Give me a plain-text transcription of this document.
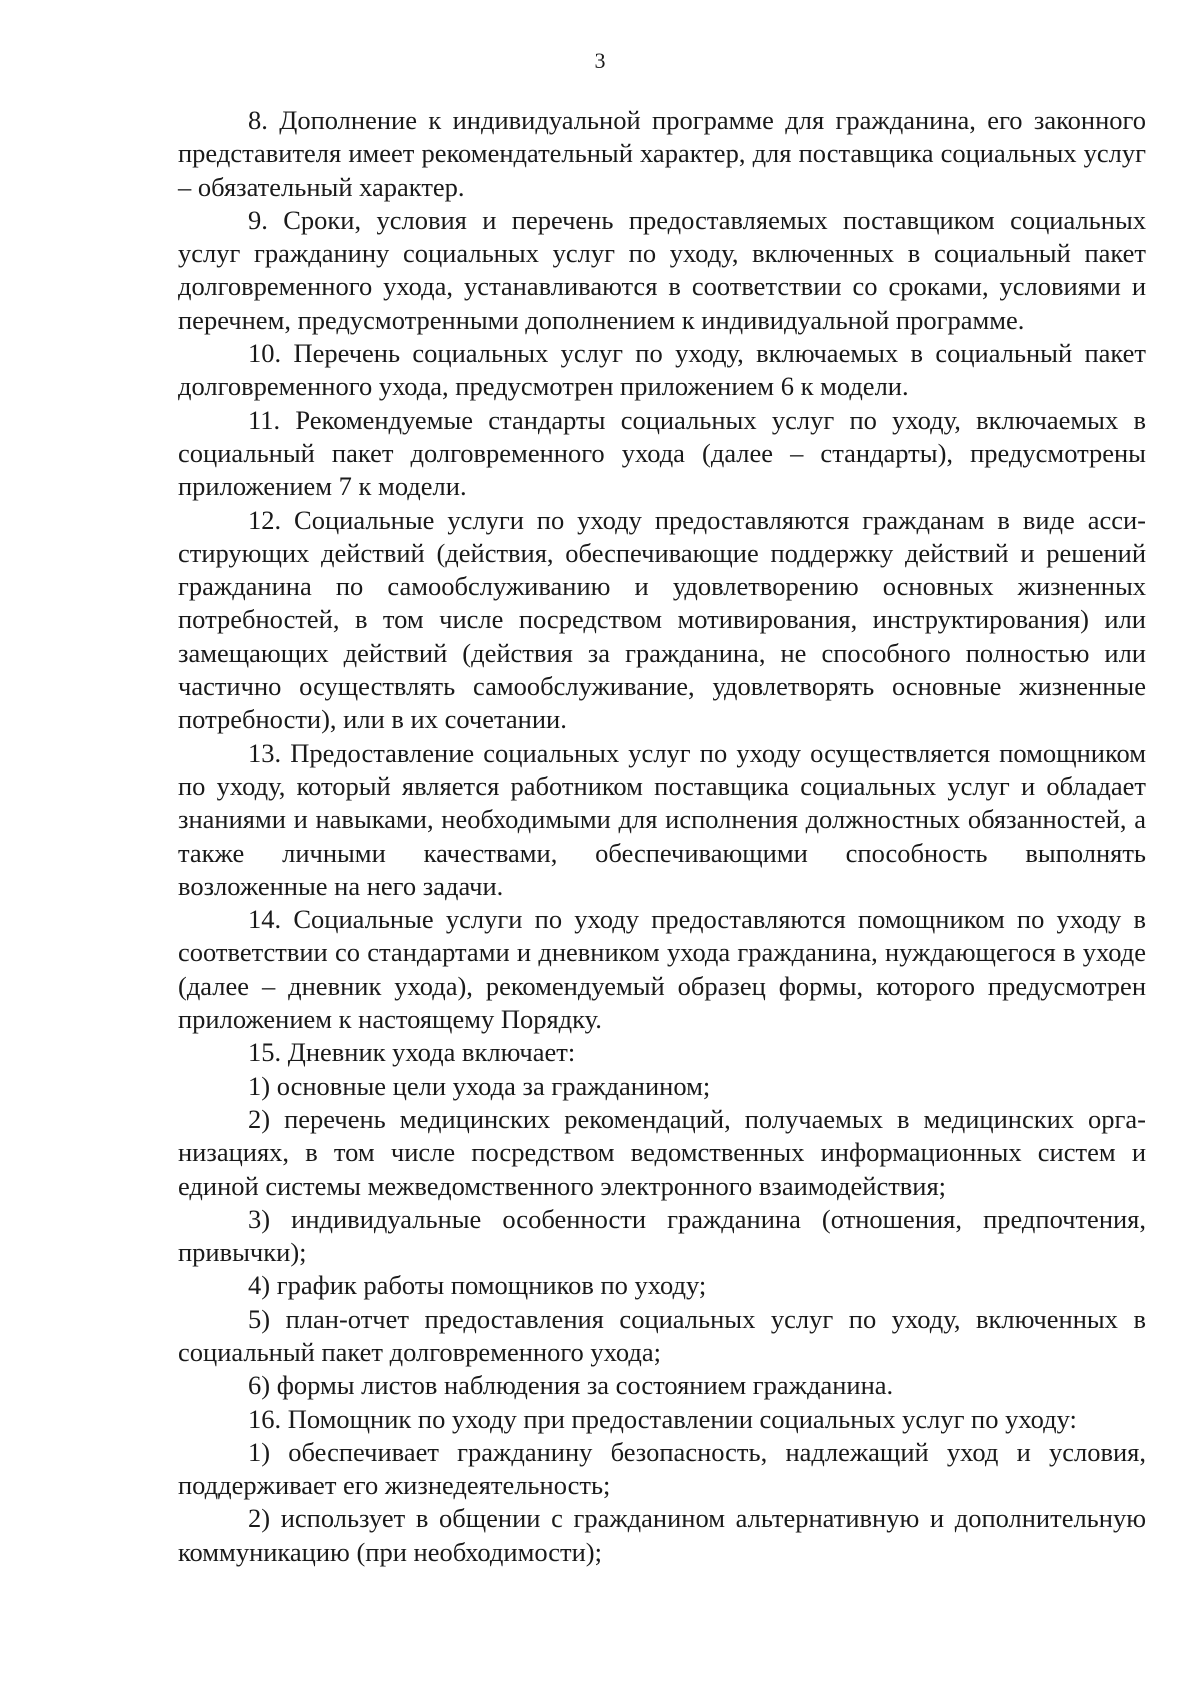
3

8. Дополнение к индивидуальной программе для гражданина, его законного представителя имеет рекомендательный характер, для поставщика социальных услуг – обязательный характер.

9. Сроки, условия и перечень предоставляемых поставщиком социальных услуг гражданину социальных услуг по уходу, включенных в социальный пакет долговременного ухода, устанавливаются в соответствии со сроками, условиями и перечнем, предусмотренными дополнением к индивидуальной программе.

10. Перечень социальных услуг по уходу, включаемых в социальный пакет долговременного ухода, предусмотрен приложением 6 к модели.

11. Рекомендуемые стандарты социальных услуг по уходу, включаемых в социальный пакет долговременного ухода (далее – стандарты), предусмотрены приложением 7 к модели.

12. Социальные услуги по уходу предоставляются гражданам в виде ассистирующих действий (действия, обеспечивающие поддержку действий и решений гражданина по самообслуживанию и удовлетворению основных жизненных потребностей, в том числе посредством мотивирования, инструктирования) или замещающих действий (действия за гражданина, не способного полностью или частично осуществлять самообслуживание, удовлетворять основные жизненные потребности), или в их сочетании.

13. Предоставление социальных услуг по уходу осуществляется помощником по уходу, который является работником поставщика социальных услуг и обладает знаниями и навыками, необходимыми для исполнения должностных обязанностей, а также личными качествами, обеспечивающими способность выполнять возложенные на него задачи.

14. Социальные услуги по уходу предоставляются помощником по уходу в соответствии со стандартами и дневником ухода гражданина, нуждающегося в уходе (далее – дневник ухода), рекомендуемый образец формы, которого предусмотрен приложением к настоящему Порядку.

15. Дневник ухода включает:

1) основные цели ухода за гражданином;

2) перечень медицинских рекомендаций, получаемых в медицинских организациях, в том числе посредством ведомственных информационных систем и единой системы межведомственного электронного взаимодействия;

3) индивидуальные особенности гражданина (отношения, предпочтения, привычки);

4) график работы помощников по уходу;

5) план-отчет предоставления социальных услуг по уходу, включенных в социальный пакет долговременного ухода;

6) формы листов наблюдения за состоянием гражданина.

16. Помощник по уходу при предоставлении социальных услуг по уходу:

1) обеспечивает гражданину безопасность, надлежащий уход и условия, поддерживает его жизнедеятельность;

2) использует в общении с гражданином альтернативную и дополнительную коммуникацию (при необходимости);
